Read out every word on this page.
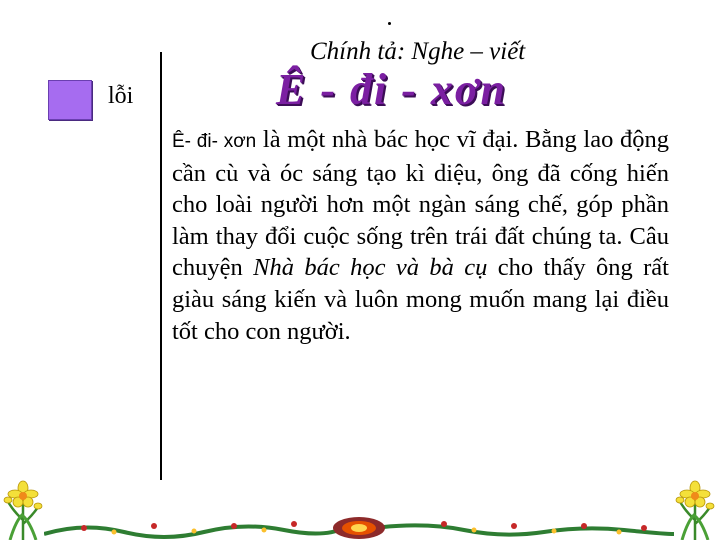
Chính tả: Nghe – viết
lỗi	Ê - đi - xơn
Ê- đi- xơn là một nhà bác học vĩ đại. Bằng lao động cần cù và óc sáng tạo kì diệu, ông đã cống hiến cho loài người hơn một ngàn sáng chế, góp phần làm thay đổi cuộc sống trên trái đất chúng ta. Câu chuyện Nhà bác học và bà cụ cho thấy ông rất giàu sáng kiến và luôn mong muốn mang lại điều tốt cho con người.
